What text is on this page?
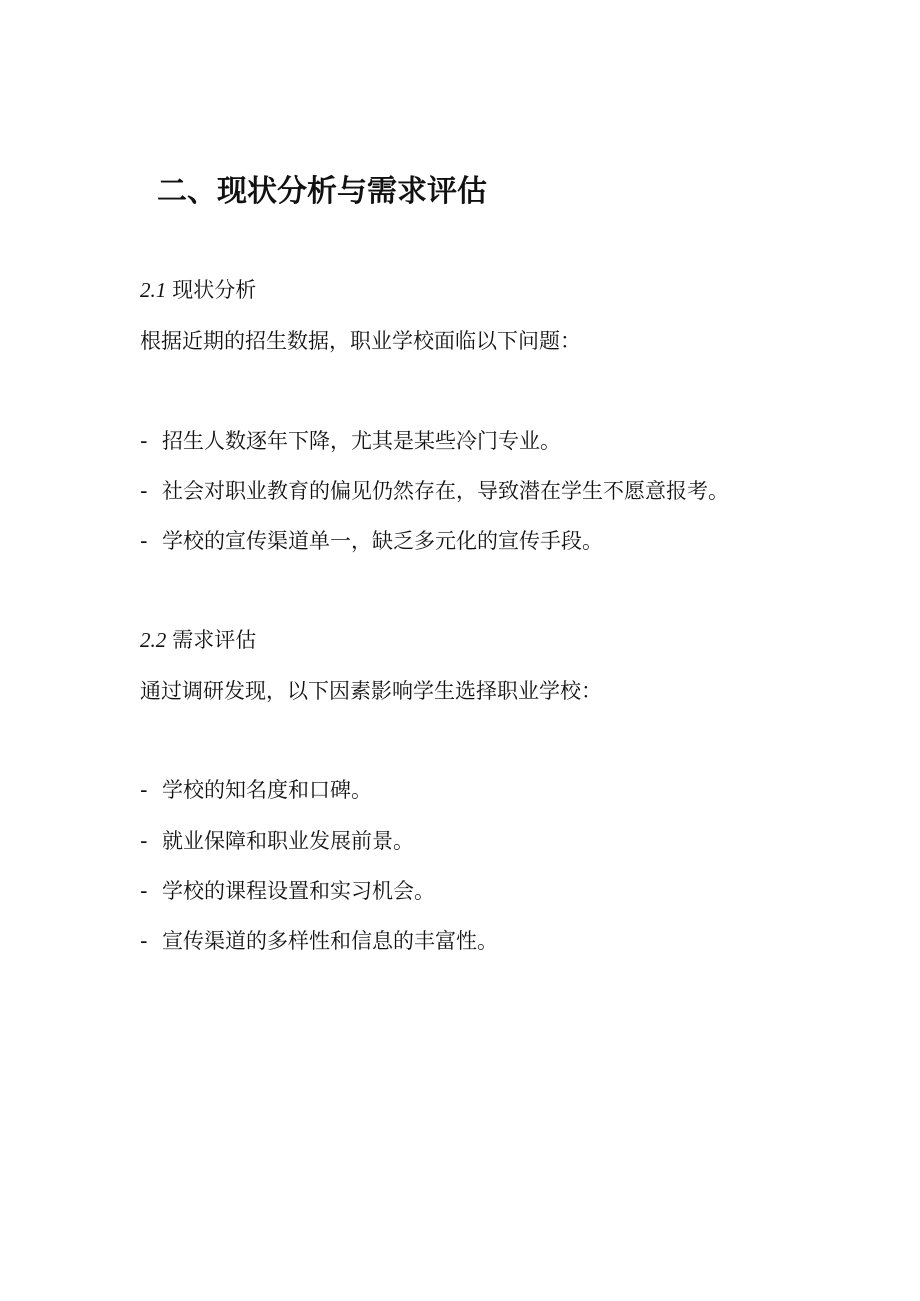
二、现状分析与需求评估

2.1 现状分析

根据近期的招生数据，职业学校面临以下问题：

- 招生人数逐年下降，尤其是某些冷门专业。

- 社会对职业教育的偏见仍然存在，导致潜在学生不愿意报考。

- 学校的宣传渠道单一，缺乏多元化的宣传手段。

2.2 需求评估

通过调研发现，以下因素影响学生选择职业学校：

- 学校的知名度和口碑。

- 就业保障和职业发展前景。

- 学校的课程设置和实习机会。

- 宣传渠道的多样性和信息的丰富性。
